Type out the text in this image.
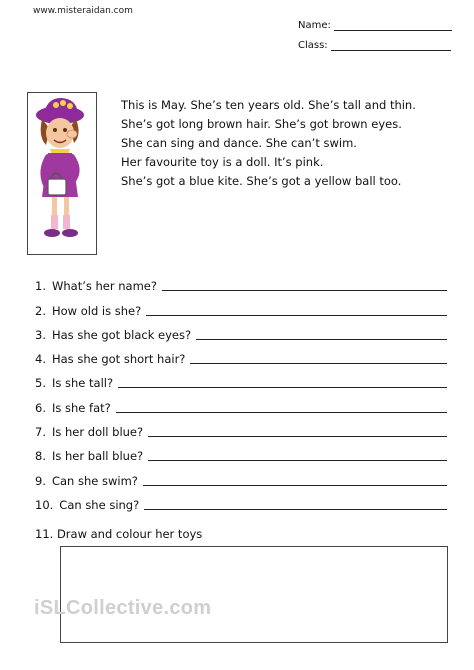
www.misteraidan.com
Name:
Class:

This is May. She’s ten years old. She’s tall and thin.

She’s got long brown hair. She’s got brown eyes.

She can sing and dance. She can’t swim.

Her favourite toy is a doll. It’s pink.

She’s got a blue kite. She’s got a yellow ball too.

1. What’s her name?
2. How old is she?
3. Has she got black eyes?
4. Has she got short hair?
5. Is she tall?
6. Is she fat?
7. Is her doll blue?
8. Is her ball blue?
9. Can she swim?
10. Can she sing?
11. Draw and colour her toys
iSLCollective.com
